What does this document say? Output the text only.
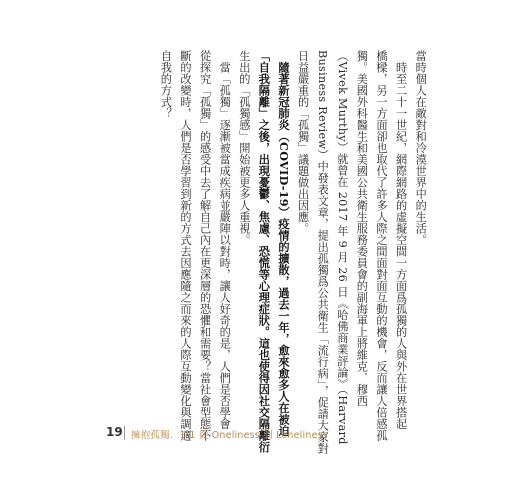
當時個人在敵對和冷漠世界中的生活。
　時至二十一世紀，網際網路的虛擬空間一方面爲孤獨的人與外在世界搭起
橋樑，另一方面卻也取代了許多人際之間面對面互動的機會，反而讓人倍感孤
獨。美國外科醫生和美國公共衛生服務委員會的副海軍上將維克．穆西
（Vivek Murthy）就曾在 2017 年 9 月 26 日《哈佛商業評論》（Harvard
Business Review）中發表文章，提出孤獨爲公共衛生「流行病」，促請大家對
日益嚴重的「孤獨」議題做出因應。
　隨著新冠肺炎（COVID-19）疫情的擴散，過去一年，愈來愈多人在被迫
「自我隔離」之後，出現憂鬱、焦慮、恐慌等心理症狀。這也使得因社交隔離衍
生出的「孤獨感」開始被更多人重視。
　當「孤獨」逐漸被當成疾病並嚴陣以對時，讓人好奇的是，人們是否學會
從探究「孤獨」的感受中去了解自己內在更深層的恐懼和需要？當社會型態不
斷的改變時，人們是否學習到新的方式去因應隨之而來的人際互動變化與調適
自我的方式？
19 擁抱孤獨．1-1 從 Oneliness 到 Loneliness
